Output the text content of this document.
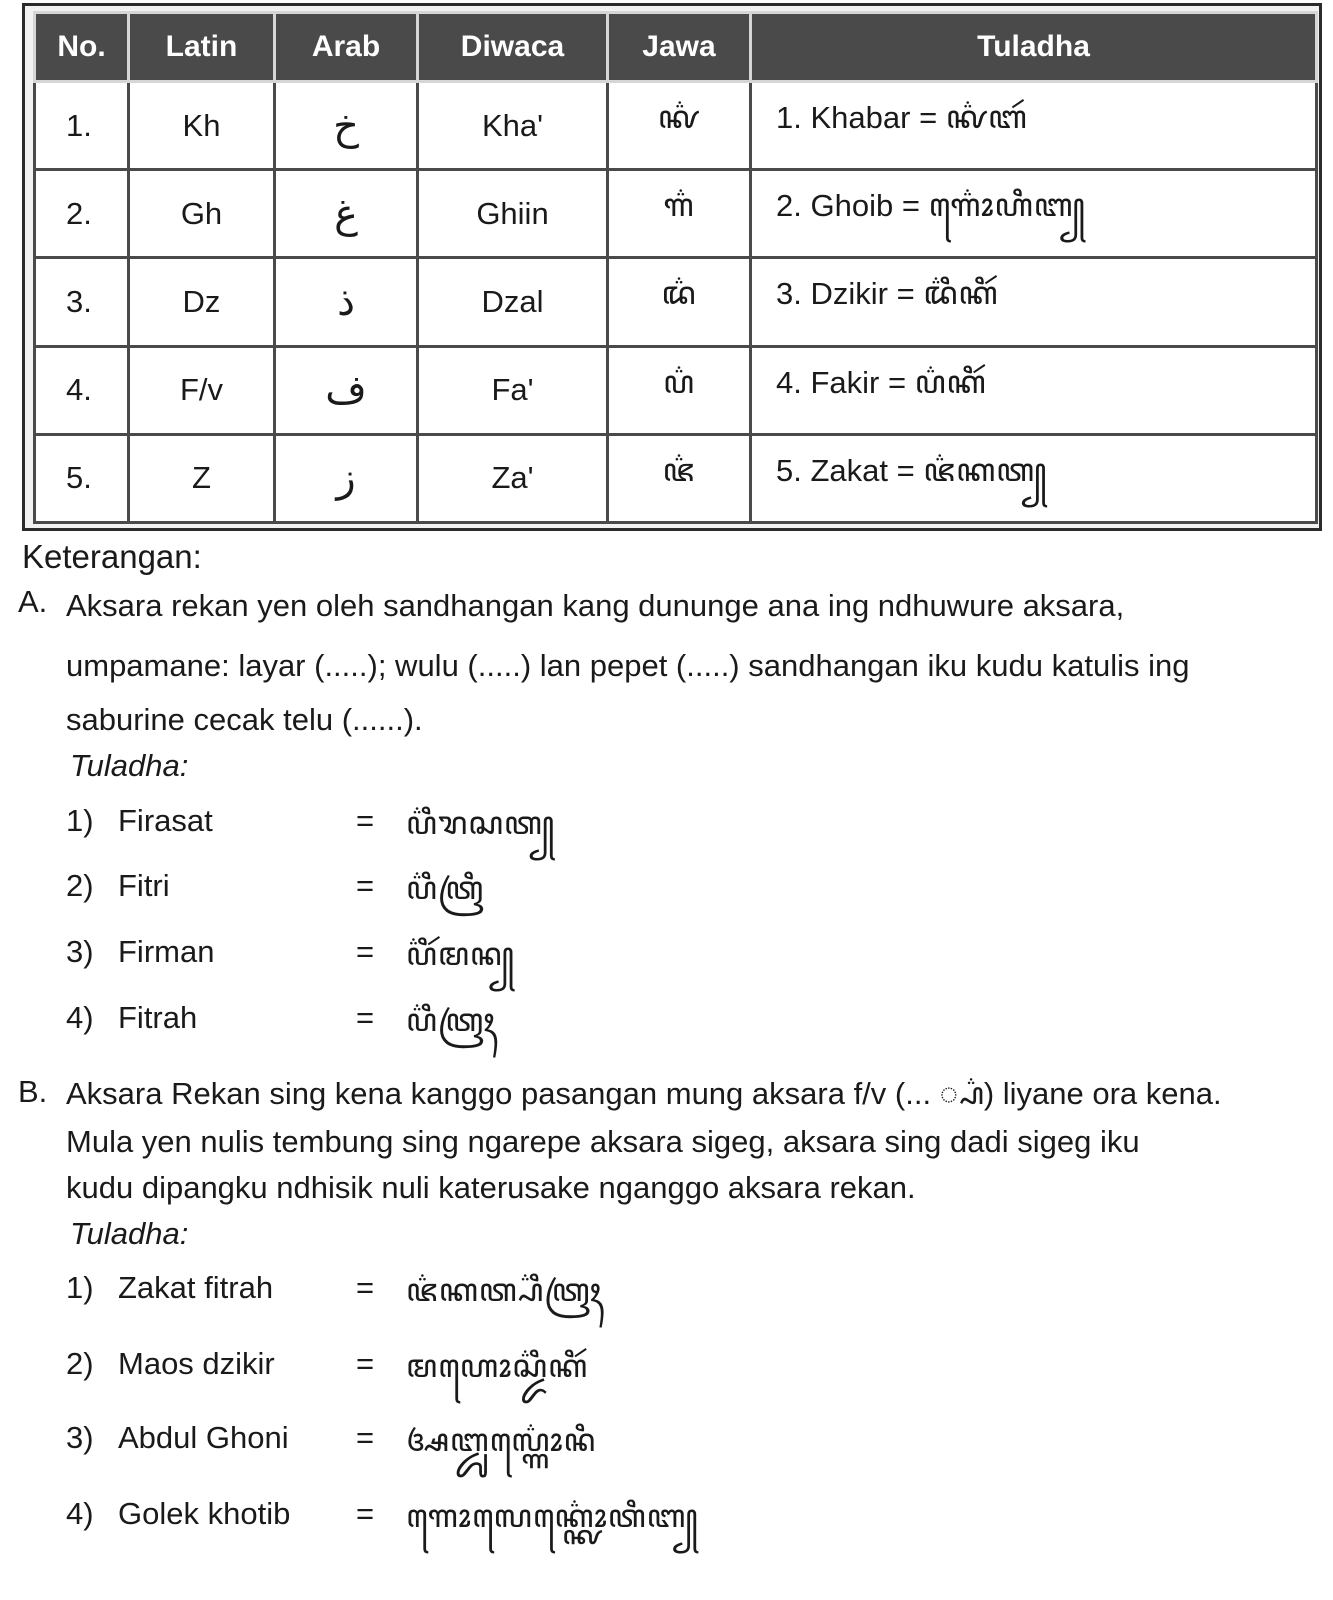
No.	Latin	Arab	Diwaca	Jawa	Tuladha
1.	Kh	خ	Kha'	ꦑ꦳	1. Khabar = ꦑ꦳ꦧꦂ
2.	Gh	غ	Ghiin	ꦒ꦳	2. Ghoib = ꦒ꦳ꦺꦴꦲꦶꦧ꧀
3.	Dz	ذ	Dzal	ꦢ꦳	3. Dzikir = ꦢ꦳ꦶꦏꦶꦂ
4.	F/v	ف	Fa'	ꦥ꦳	4. Fakir = ꦥ꦳ꦏꦶꦂ
5.	Z	ز	Za'	ꦗ꦳	5. Zakat = ꦗ꦳ꦏꦠ꧀
Keterangan:
A. Aksara rekan yen oleh sandhangan kang dununge ana ing ndhuwure aksara,
umpamane: layar (.....); wulu (.....) lan pepet (.....) sandhangan iku kudu katulis ing
saburine cecak telu (......).
Tuladha:
1) Firasat	= ꦥ꦳ꦶꦫꦱꦠ꧀
2) Fitri	= ꦥ꦳ꦶꦠꦿꦶ
3) Firman	= ꦥ꦳ꦶꦂꦩꦤ꧀
4) Fitrah	= ꦥ꦳ꦶꦠꦿꦃ
B. Aksara Rekan sing kena kanggo pasangan mung aksara f/v (... ꧀ꦥ꦳) liyane ora kena.
Mula yen nulis tembung sing ngarepe aksara sigeg, aksara sing dadi sigeg iku
kudu dipangku ndhisik nuli katerusake nganggo aksara rekan.
Tuladha:
1) Zakat fitrah	= ꦗ꦳ꦏꦠ꧀ꦥ꦳ꦶꦠꦿꦃ
2) Maos dzikir	= ꦩꦲꦺꦴꦱ꧀ꦢ꦳ꦶꦏꦶꦂ
3) Abdul Ghoni = ꦄꦧ꧀ꦢꦸꦭ꧀ꦒ꦳ꦺꦴꦤꦶ
4) Golek khotib = ꦒꦺꦴꦭꦺꦏ꧀ꦑ꦳ꦺꦴꦠꦶꦧ꧀
